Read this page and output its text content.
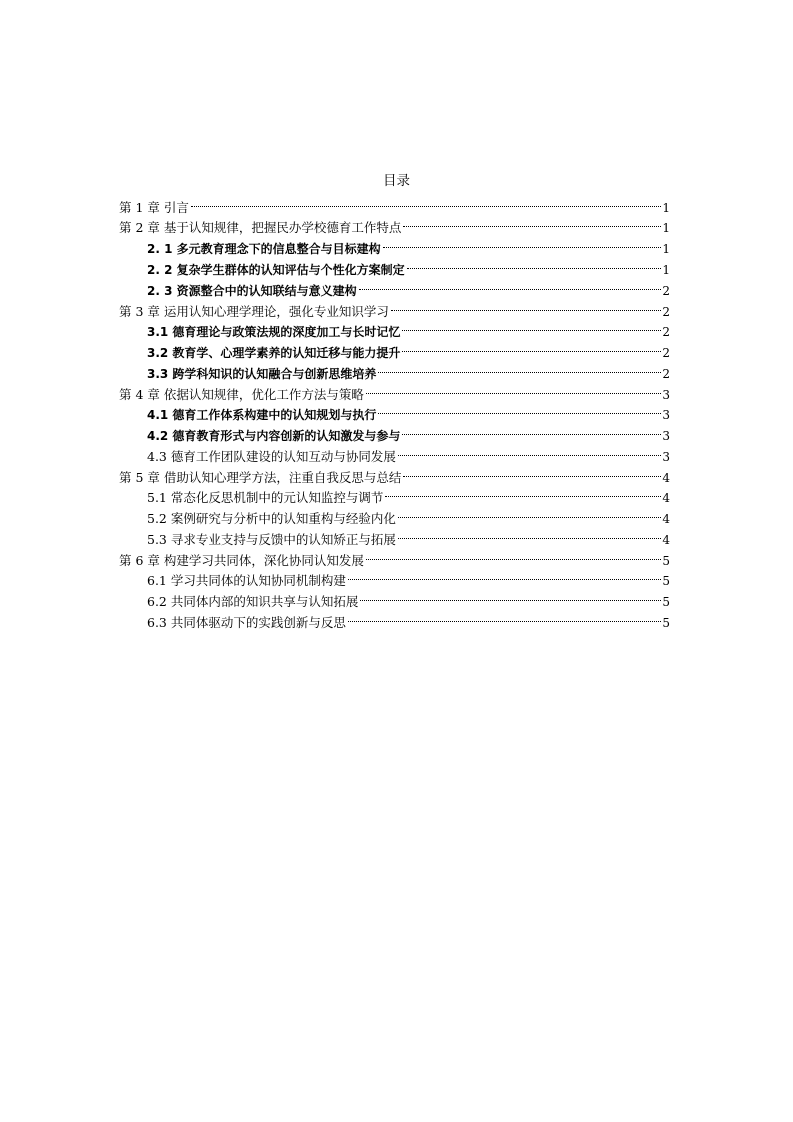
目录
第 1 章 引言	1
第 2 章 基于认知规律，把握民办学校德育工作特点	1
2. 1 多元教育理念下的信息整合与目标建构	1
2. 2 复杂学生群体的认知评估与个性化方案制定	1
2. 3 资源整合中的认知联结与意义建构	2
第 3 章 运用认知心理学理论，强化专业知识学习	2
3.1 德育理论与政策法规的深度加工与长时记忆	2
3.2 教育学、心理学素养的认知迁移与能力提升	2
3.3 跨学科知识的认知融合与创新思维培养	2
第 4 章 依据认知规律，优化工作方法与策略	3
4.1 德育工作体系构建中的认知规划与执行	3
4.2 德育教育形式与内容创新的认知激发与参与	3
4.3 德育工作团队建设的认知互动与协同发展	3
第 5 章 借助认知心理学方法，注重自我反思与总结	4
5.1 常态化反思机制中的元认知监控与调节	4
5.2 案例研究与分析中的认知重构与经验内化	4
5.3 寻求专业支持与反馈中的认知矫正与拓展	4
第 6 章 构建学习共同体，深化协同认知发展	5
6.1 学习共同体的认知协同机制构建	5
6.2 共同体内部的知识共享与认知拓展	5
6.3 共同体驱动下的实践创新与反思	5
